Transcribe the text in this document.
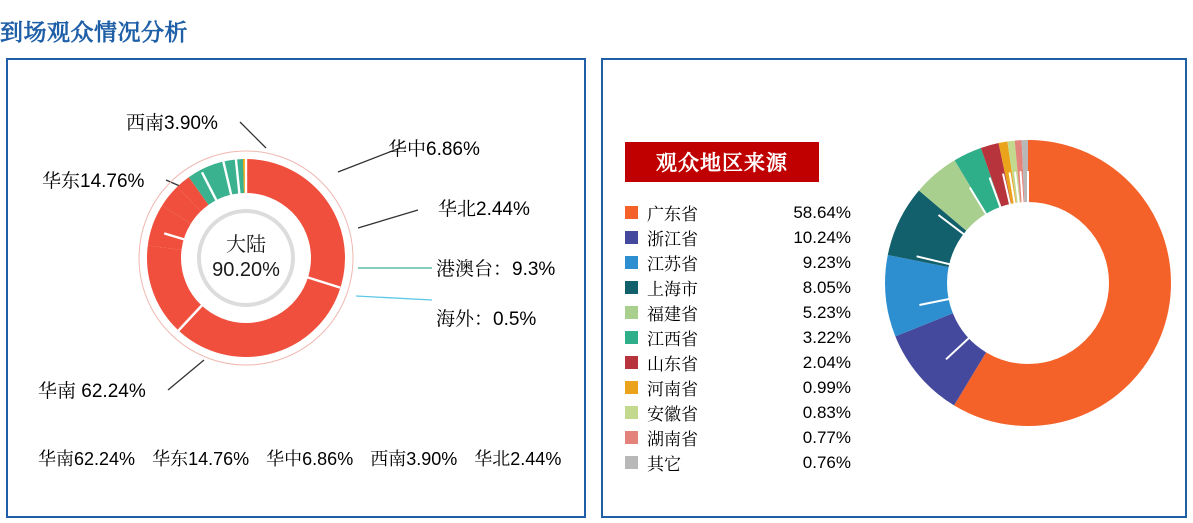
到场观众情况分析
大陆
90.20%
西南3.90%
华中6.86%
华东14.76%
华北2.44%
港澳台：9.3%
海外：0.5%
华南 62.24%
华南62.24% 华东14.76% 华中6.86% 西南3.90% 华北2.44%
观众地区来源
广东省	58.64%
浙江省	10.24%
江苏省	9.23%
上海市	8.05%
福建省	5.23%
江西省	3.22%
山东省	2.04%
河南省	0.99%
安徽省	0.83%
湖南省	0.77%
其它	0.76%
